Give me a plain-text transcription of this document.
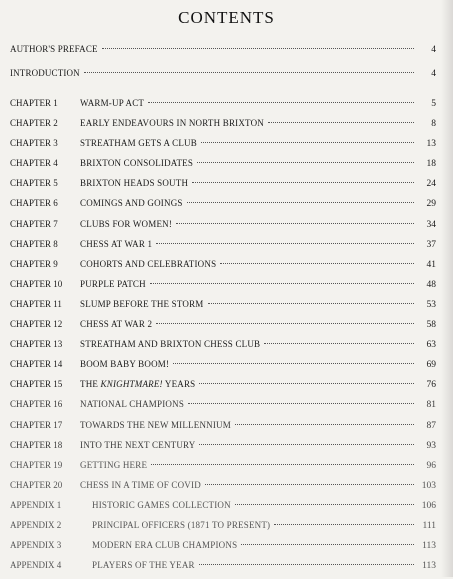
CONTENTS
AUTHOR'S PREFACE	4
INTRODUCTION	4
CHAPTER 1	WARM-UP ACT	5
CHAPTER 2	EARLY ENDEAVOURS IN NORTH BRIXTON	8
CHAPTER 3	STREATHAM GETS A CLUB	13
CHAPTER 4	BRIXTON CONSOLIDATES	18
CHAPTER 5	BRIXTON HEADS SOUTH	24
CHAPTER 6	COMINGS AND GOINGS	29
CHAPTER 7	CLUBS FOR WOMEN!	34
CHAPTER 8	CHESS AT WAR 1	37
CHAPTER 9	COHORTS AND CELEBRATIONS	41
CHAPTER 10	PURPLE PATCH	48
CHAPTER 11	SLUMP BEFORE THE STORM	53
CHAPTER 12	CHESS AT WAR 2	58
CHAPTER 13	STREATHAM AND BRIXTON CHESS CLUB	63
CHAPTER 14	BOOM BABY BOOM!	69
CHAPTER 15	THE KNIGHTMARE! YEARS	76
CHAPTER 16	NATIONAL CHAMPIONS	81
CHAPTER 17	TOWARDS THE NEW MILLENNIUM	87
CHAPTER 18	INTO THE NEXT CENTURY	93
CHAPTER 19	GETTING HERE	96
CHAPTER 20	CHESS IN A TIME OF COVID	103
APPENDIX 1	HISTORIC GAMES COLLECTION	106
APPENDIX 2	PRINCIPAL OFFICERS (1871 TO PRESENT)	111
APPENDIX 3	MODERN ERA CLUB CHAMPIONS	113
APPENDIX 4	PLAYERS OF THE YEAR	113
